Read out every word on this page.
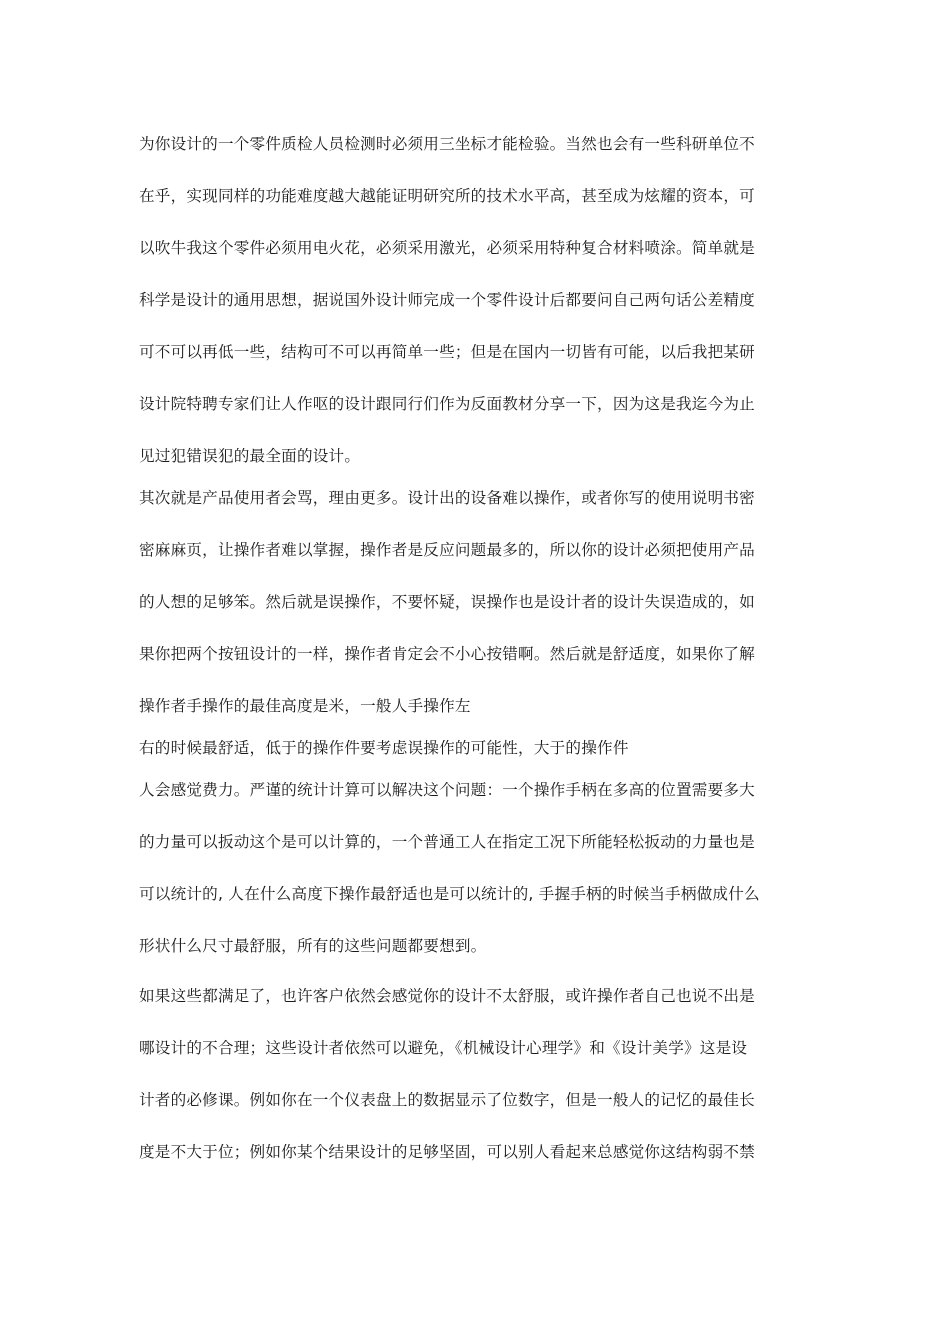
为你设计的一个零件质检人员检测时必须用三坐标才能检验。当然也会有一些科研单位不
在乎，实现同样的功能难度越大越能证明研究所的技术水平高，甚至成为炫耀的资本，可
以吹牛我这个零件必须用电火花，必须采用激光，必须采用特种复合材料喷涂。简单就是
科学是设计的通用思想，据说国外设计师完成一个零件设计后都要问自己两句话公差精度
可不可以再低一些，结构可不可以再简单一些；但是在国内一切皆有可能，以后我把某研
设计院特聘专家们让人作呕的设计跟同行们作为反面教材分享一下，因为这是我迄今为止
见过犯错误犯的最全面的设计。
其次就是产品使用者会骂，理由更多。设计出的设备难以操作，或者你写的使用说明书密
密麻麻页，让操作者难以掌握，操作者是反应问题最多的，所以你的设计必须把使用产品
的人想的足够笨。然后就是误操作，不要怀疑，误操作也是设计者的设计失误造成的，如
果你把两个按钮设计的一样，操作者肯定会不小心按错啊。然后就是舒适度，如果你了解
操作者手操作的最佳高度是米，一般人手操作左
右的时候最舒适，低于的操作件要考虑误操作的可能性，大于的操作件
人会感觉费力。严谨的统计计算可以解决这个问题：一个操作手柄在多高的位置需要多大
的力量可以扳动这个是可以计算的，一个普通工人在指定工况下所能轻松扳动的力量也是
可以统计的, 人在什么高度下操作最舒适也是可以统计的, 手握手柄的时候当手柄做成什么
形状什么尺寸最舒服，所有的这些问题都要想到。
如果这些都满足了，也许客户依然会感觉你的设计不太舒服，或许操作者自己也说不出是
哪设计的不合理；这些设计者依然可以避免，《机械设计心理学》和《设计美学》这是设
计者的必修课。例如你在一个仪表盘上的数据显示了位数字，但是一般人的记忆的最佳长
度是不大于位；例如你某个结果设计的足够坚固，可以别人看起来总感觉你这结构弱不禁
